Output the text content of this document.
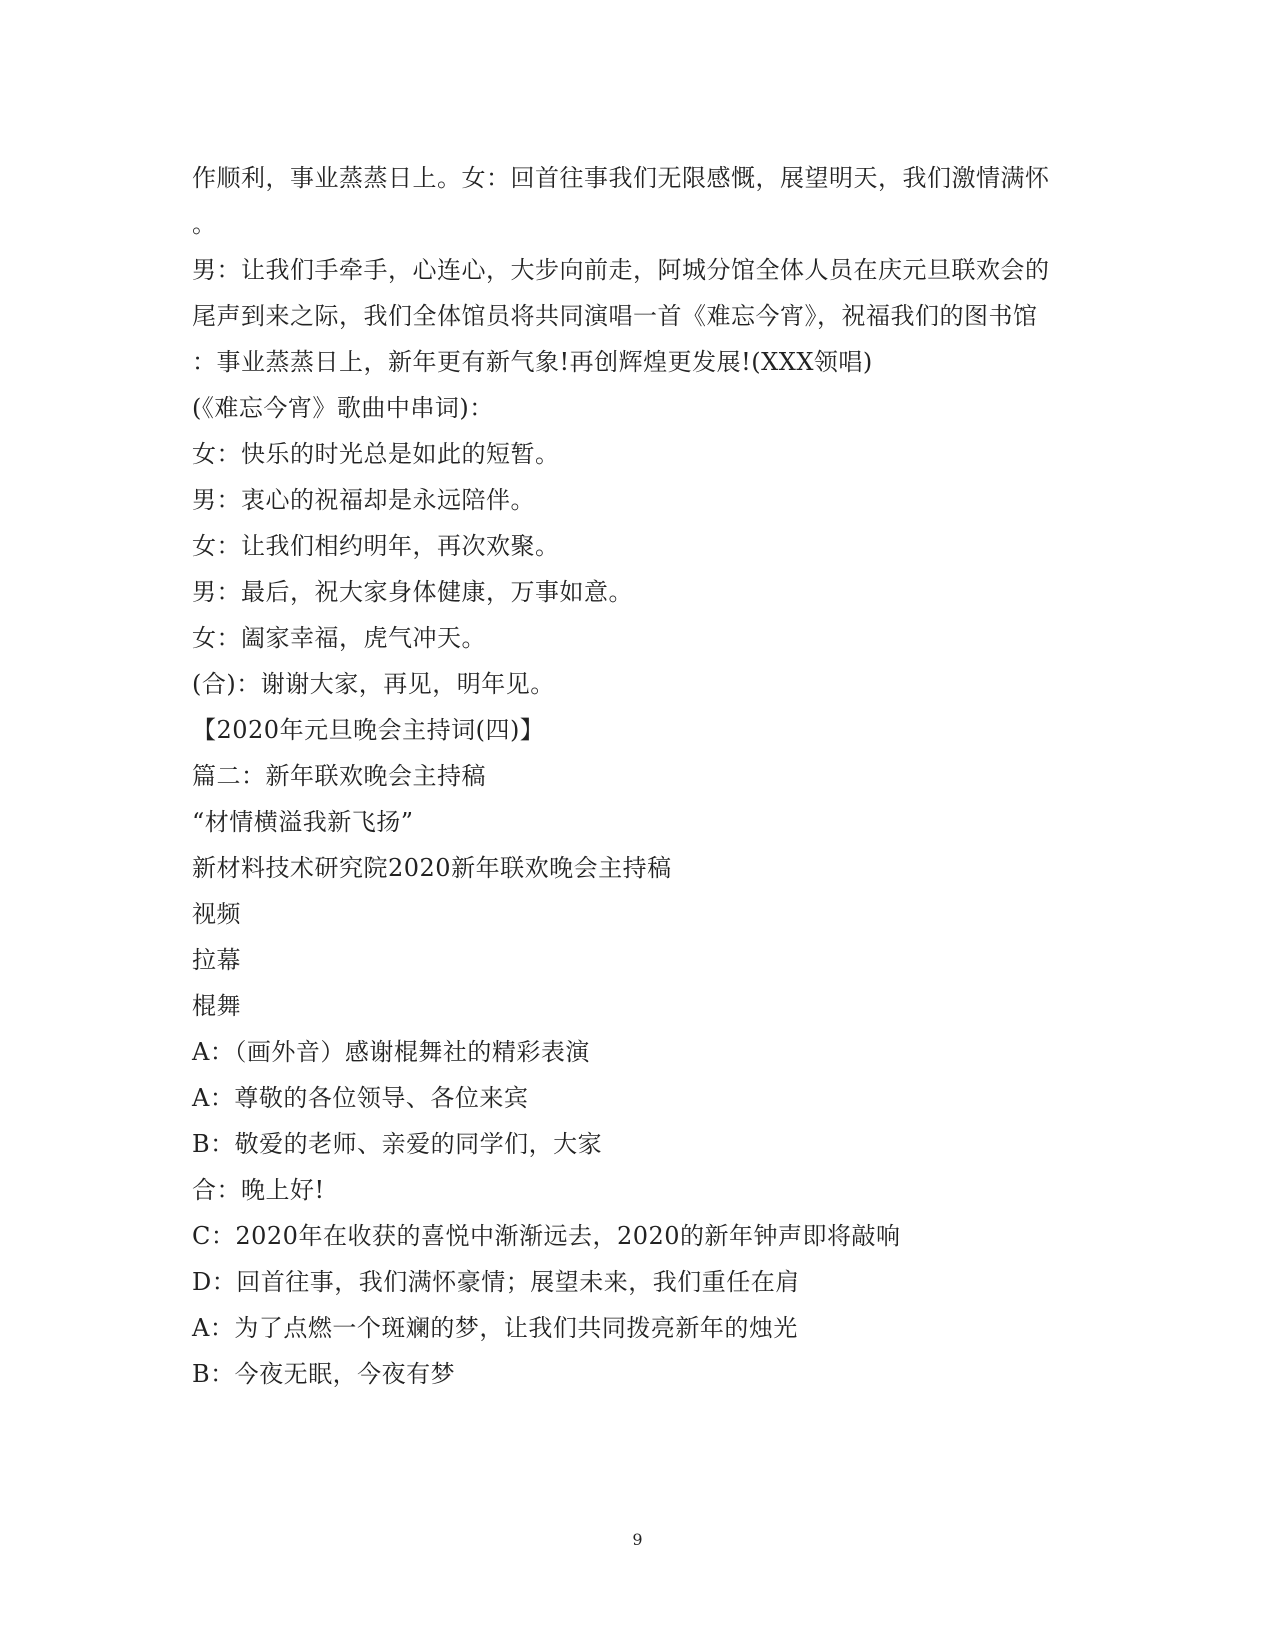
作顺利，事业蒸蒸日上。女：回首往事我们无限感慨，展望明天，我们激情满怀
。
男：让我们手牵手，心连心，大步向前走，阿城分馆全体人员在庆元旦联欢会的
尾声到来之际，我们全体馆员将共同演唱一首《难忘今宵》，祝福我们的图书馆
：事业蒸蒸日上，新年更有新气象!再创辉煌更发展!(XXX领唱)
(《难忘今宵》歌曲中串词)：
女：快乐的时光总是如此的短暂。
男：衷心的祝福却是永远陪伴。
女：让我们相约明年，再次欢聚。
男：最后，祝大家身体健康，万事如意。
女：阖家幸福，虎气冲天。
(合)：谢谢大家，再见，明年见。
【2020年元旦晚会主持词(四)】
篇二：新年联欢晚会主持稿
“材情横溢我新飞扬”
新材料技术研究院2020新年联欢晚会主持稿
视频
拉幕
棍舞
A：（画外音）感谢棍舞社的精彩表演
A：尊敬的各位领导、各位来宾
B：敬爱的老师、亲爱的同学们，大家
合：晚上好!
C：2020年在收获的喜悦中渐渐远去，2020的新年钟声即将敲响
D：回首往事，我们满怀豪情；展望未来，我们重任在肩
A：为了点燃一个斑斓的梦，让我们共同拨亮新年的烛光
B：今夜无眠，今夜有梦
9
